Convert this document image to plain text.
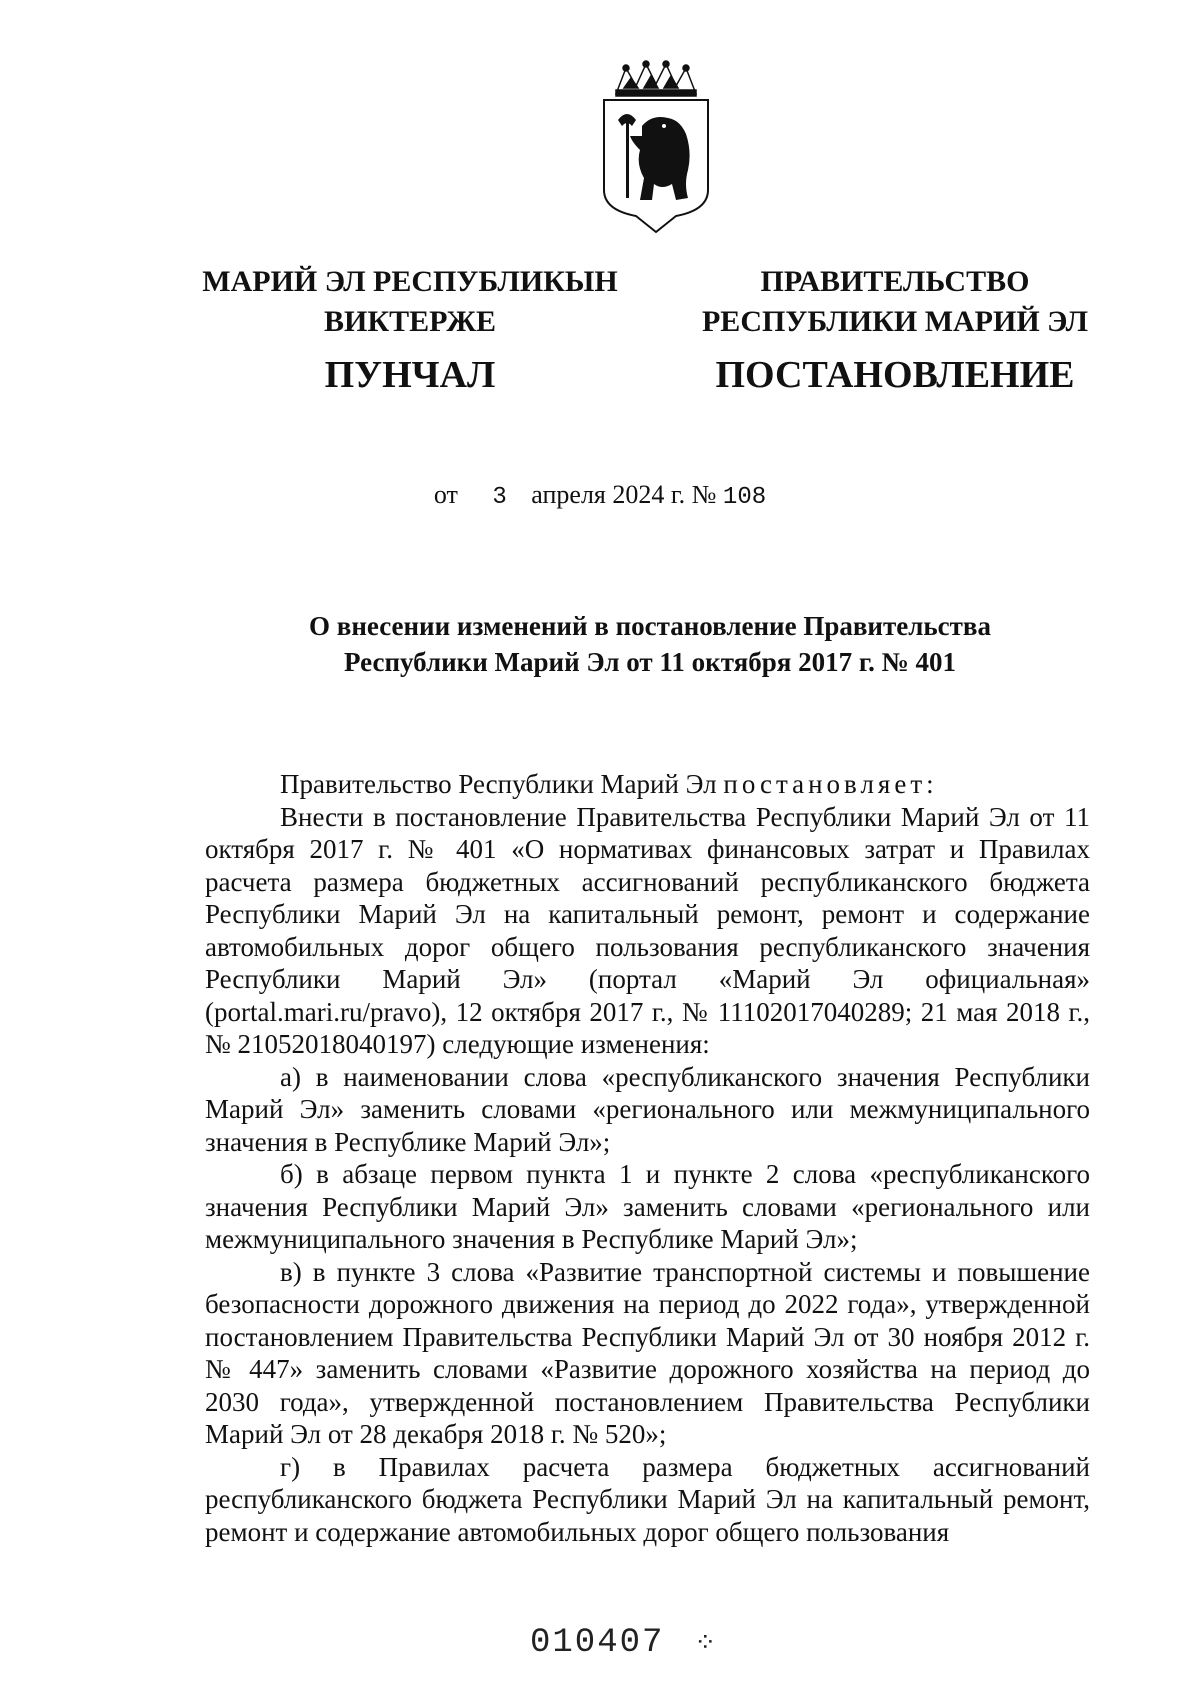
МАРИЙ ЭЛ РЕСПУБЛИКЫН
ВИКТЕРЖЕ
ПУНЧАЛ
ПРАВИТЕЛЬСТВО
РЕСПУБЛИКИ МАРИЙ ЭЛ
ПОСТАНОВЛЕНИЕ
от 3 апреля 2024 г. № 108
О внесении изменений в постановление Правительства
Республики Марий Эл от 11 октября 2017 г. № 401

Правительство Республики Марий Эл постановляет:

Внести в постановление Правительства Республики Марий Эл от 11 октября 2017 г. № 401 «О нормативах финансовых затрат и Правилах расчета размера бюджетных ассигнований республиканского бюджета Республики Марий Эл на капитальный ремонт, ремонт и содержание автомобильных дорог общего пользования республиканского значения Республики Марий Эл» (портал «Марий Эл официальная» (portal.mari.ru/pravo), 12 октября 2017 г., № 11102017040289; 21 мая 2018 г., № 21052018040197) следующие изменения:

а) в наименовании слова «республиканского значения Республики Марий Эл» заменить словами «регионального или межмуниципального значения в Республике Марий Эл»;

б) в абзаце первом пункта 1 и пункте 2 слова «республиканского значения Республики Марий Эл» заменить словами «регионального или межмуниципального значения в Республике Марий Эл»;

в) в пункте 3 слова «Развитие транспортной системы и повышение безопасности дорожного движения на период до 2022 года», утвержденной постановлением Правительства Республики Марий Эл от 30 ноября 2012 г. № 447» заменить словами «Развитие дорожного хозяйства на период до 2030 года», утвержденной постановлением Правительства Республики Марий Эл от 28 декабря 2018 г. № 520»;

г) в Правилах расчета размера бюджетных ассигнований республиканского бюджета Республики Марий Эл на капитальный ремонт, ремонт и содержание автомобильных дорог общего пользования

010407 ⁘
